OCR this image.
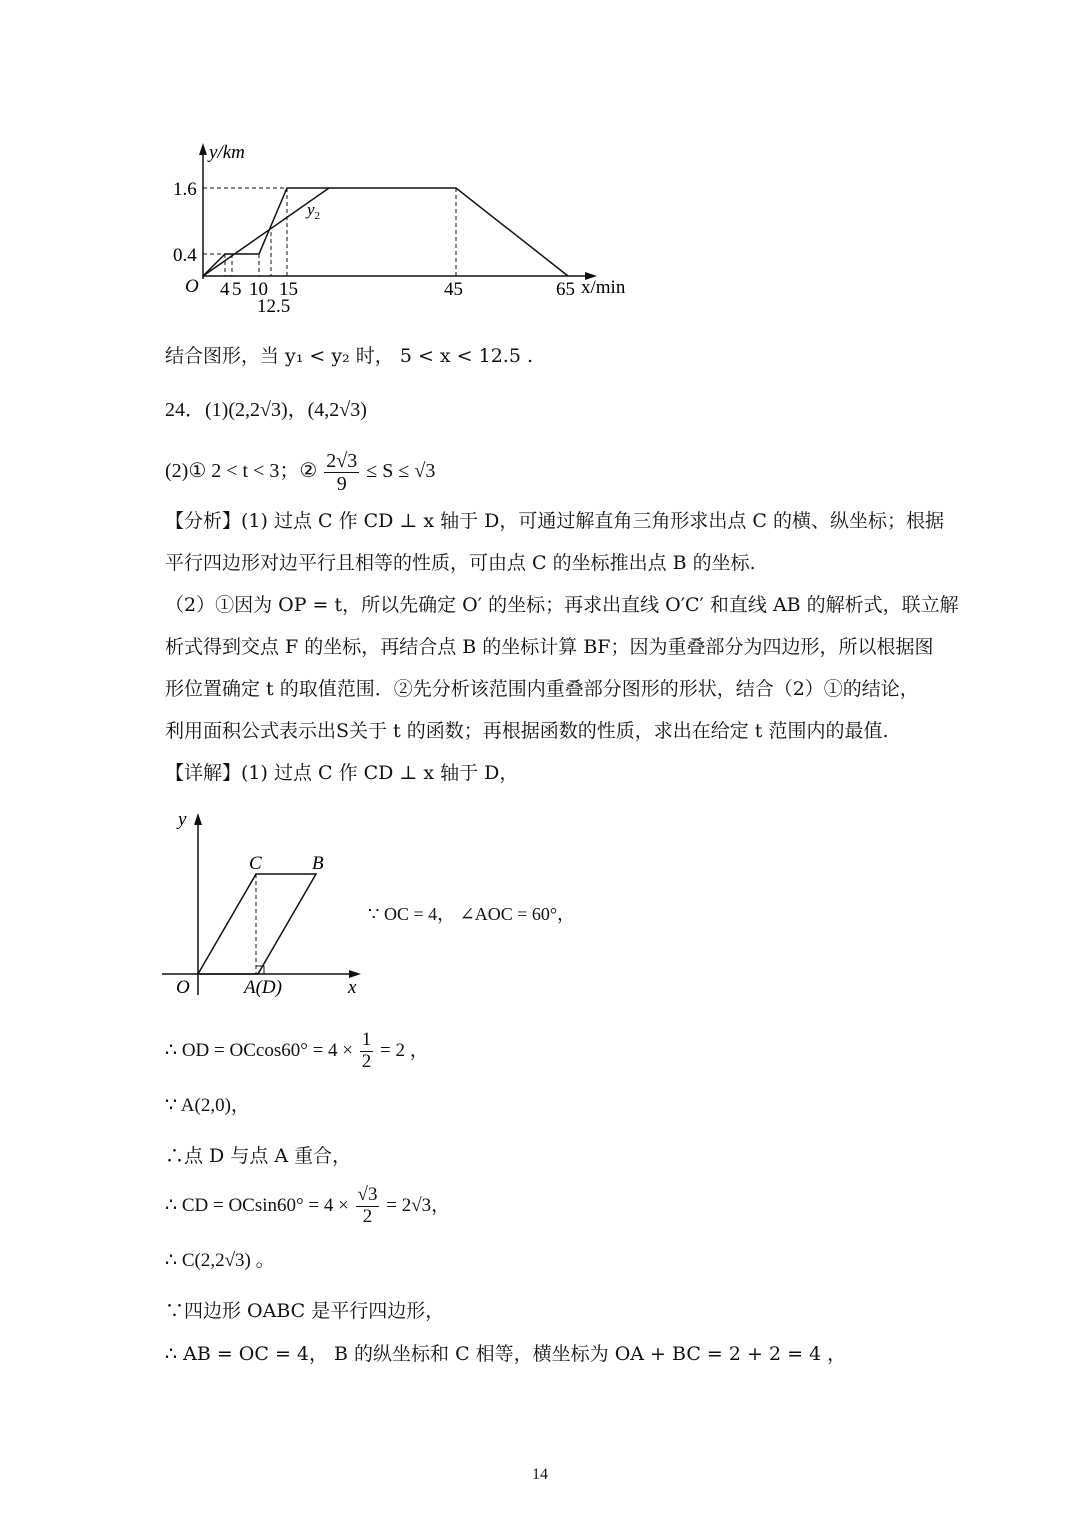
y/km
1.6
0.4
O 4 5 10 15	45	65
12.5
x/min
$y_2$
结合图形，当 y₁ < y₂ 时， 5 < x < 12.5 .
24．(1)(2,2√3)，(4,2√3)
(2)① 2 < t < 3；② $\frac{2√3}{9} \le S \le √3$
【分析】(1) 过点 C 作 CD ⊥ x 轴于 D，可通过解直角三角形求出点 C 的横、纵坐标；根据
平行四边形对边平行且相等的性质，可由点 C 的坐标推出点 B 的坐标.
（2）①因为 OP = t，所以先确定 O′ 的坐标；再求出直线 O′C′ 和直线 AB 的解析式，联立解
析式得到交点 F 的坐标，再结合点 B 的坐标计算 BF；因为重叠部分为四边形，所以根据图
形位置确定 t 的取值范围．②先分析该范围内重叠部分图形的形状，结合（2）①的结论，
利用面积公式表示出S关于 t 的函数；再根据函数的性质，求出在给定 t 范围内的最值.
【详解】(1) 过点 C 作 CD ⊥ x 轴于 D，
y
C	B
O	A(D)	x
∵ OC = 4， ∠AOC = 60°，
∴ OD = $OCcos60^\circ = 4 \times \frac{1}{2} = 2$ ，
∵ A(2,0)，
∴点 D 与点 A 重合，
∴ CD = $OCsin60^\circ = 4 \times \frac{√3}{2} = 2√3$，
∴ C(2,2√3) 。
∵四边形 OABC 是平行四边形，
∴ AB = OC = 4， B 的纵坐标和 C 相等，横坐标为 OA + BC = 2 + 2 = 4 ，
14
